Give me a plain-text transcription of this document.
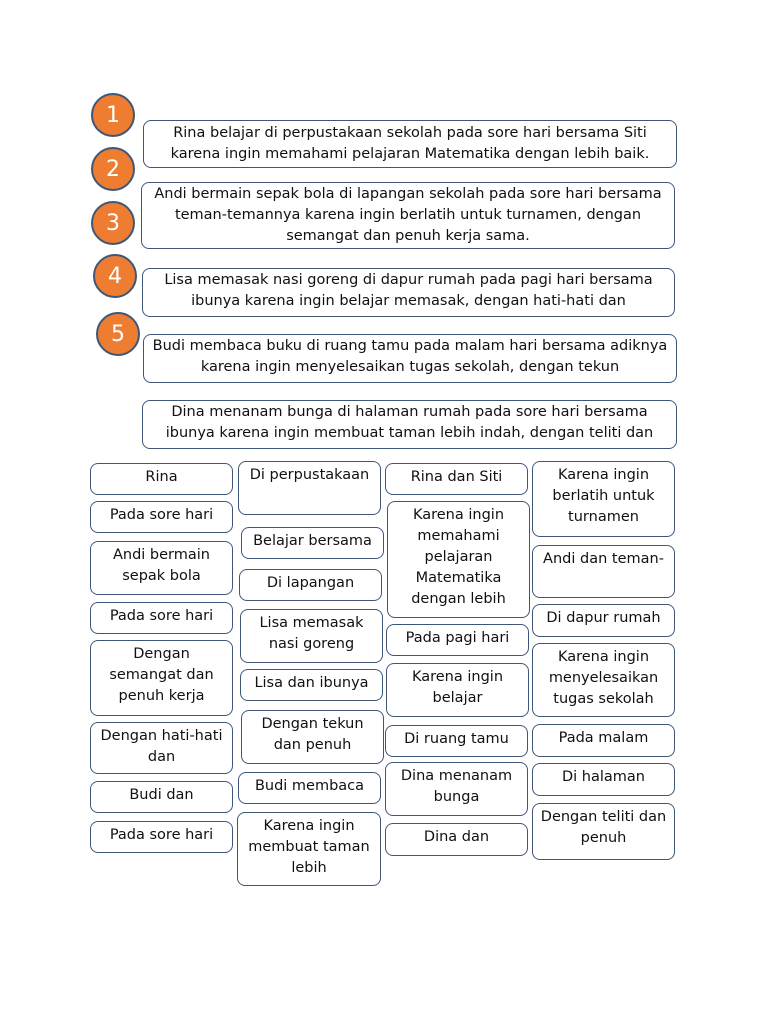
1
2
3
4
5
Rina belajar di perpustakaan sekolah pada sore hari bersama Siti karena ingin memahami pelajaran Matematika dengan lebih baik.
Andi bermain sepak bola di lapangan sekolah pada sore hari bersama teman-temannya karena ingin berlatih untuk turnamen, dengan semangat dan penuh kerja sama.
Lisa memasak nasi goreng di dapur rumah pada pagi hari bersama ibunya karena ingin belajar memasak, dengan hati-hati dan
Budi membaca buku di ruang tamu pada malam hari bersama adiknya karena ingin menyelesaikan tugas sekolah, dengan tekun
Dina menanam bunga di halaman rumah pada sore hari bersama ibunya karena ingin membuat taman lebih indah, dengan teliti dan
Rina
Pada sore hari
Andi bermain sepak bola
Pada sore hari
Dengan semangat dan penuh kerja
Dengan hati-hati dan
Budi dan
Pada sore hari
Di perpustakaan
Belajar bersama
Di lapangan
Lisa memasak nasi goreng
Lisa dan ibunya
Dengan tekun dan penuh
Budi membaca
Karena ingin membuat taman lebih
Rina dan Siti
Karena ingin memahami pelajaran Matematika dengan lebih
Pada pagi hari
Karena ingin belajar
Di ruang tamu
Dina menanam bunga
Dina dan
Karena ingin berlatih untuk turnamen
Andi dan teman-
Di dapur rumah
Karena ingin menyelesaikan tugas sekolah
Pada malam
Di halaman
Dengan teliti dan penuh
